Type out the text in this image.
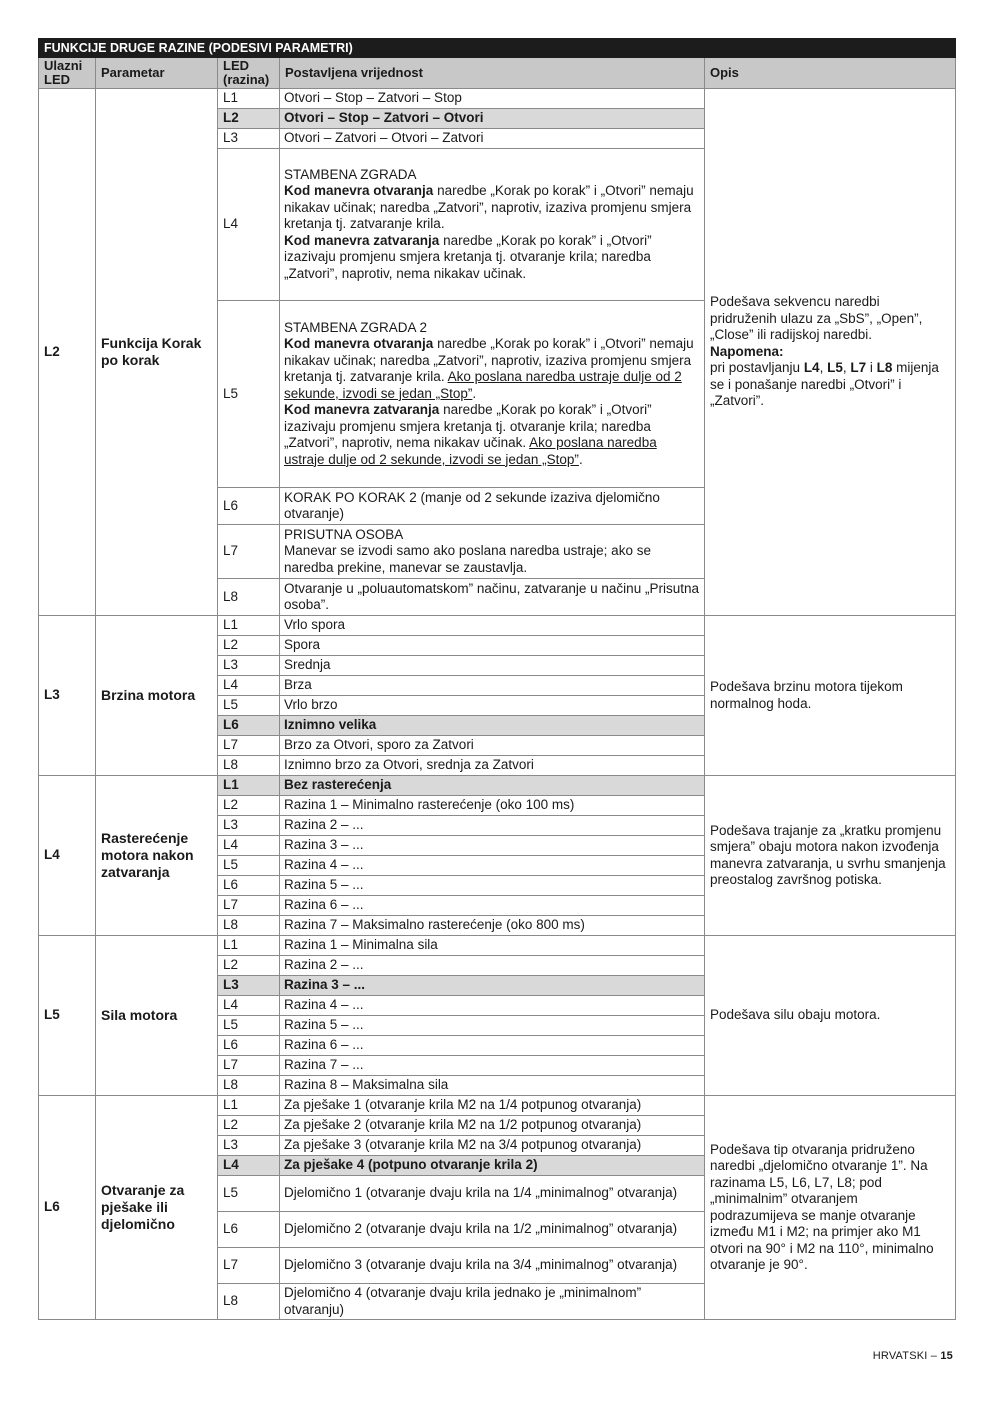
FUNKCIJE DRUGE RAZINE (PODESIVI PARAMETRI)				
Ulazni LED	Parametar	LED (razina)	Postavljena vrijednost	Opis
L2	Funkcija Korak po korak	L1	Otvori – Stop – Zatvori – Stop	Podešava sekvencu naredbi pridruženih ulazu za „SbS”, „Open”, „Close” ili radijskoj naredbi.
Napomena:
pri postavljanju L4, L5, L7 i L8 mijenja se i ponašanje naredbi „Otvori” i „Zatvori”.
		L2	Otvori – Stop – Zatvori – Otvori	
		L3	Otvori – Zatvori – Otvori – Zatvori	
		L4	STAMBENA ZGRADA
Kod manevra otvaranja naredbe „Korak po korak” i „Otvori” nemaju nikakav učinak; naredba „Zatvori”, naprotiv, izaziva promjenu smjera kretanja tj. zatvaranje krila.
Kod manevra zatvaranja naredbe „Korak po korak” i „Otvori” izazivaju promjenu smjera kretanja tj. otvaranje krila; naredba „Zatvori”, naprotiv, nema nikakav učinak.	
		L5	STAMBENA ZGRADA 2
Kod manevra otvaranja naredbe „Korak po korak” i „Otvori” nemaju nikakav učinak; naredba „Zatvori”, naprotiv, izaziva promjenu smjera kretanja tj. zatvaranje krila. Ako poslana naredba ustraje dulje od 2 sekunde, izvodi se jedan „Stop”.
Kod manevra zatvaranja naredbe „Korak po korak” i „Otvori” izazivaju promjenu smjera kretanja tj. otvaranje krila; naredba „Zatvori”, naprotiv, nema nikakav učinak. Ako poslana naredba ustraje dulje od 2 sekunde, izvodi se jedan „Stop”.	
		L6	KORAK PO KORAK 2 (manje od 2 sekunde izaziva djelomično otvaranje)	
		L7	PRISUTNA OSOBA
Manevar se izvodi samo ako poslana naredba ustraje; ako se naredba prekine, manevar se zaustavlja.	
		L8	Otvaranje u „poluautomatskom” načinu, zatvaranje u načinu „Prisutna osoba”.	
L3	Brzina motora	L1	Vrlo spora	Podešava brzinu motora tijekom normalnog hoda.
		L2	Spora	
		L3	Srednja	
		L4	Brza	
		L5	Vrlo brzo	
		L6	Iznimno velika	
		L7	Brzo za Otvori, sporo za Zatvori	
		L8	Iznimno brzo za Otvori, srednja za Zatvori	
L4	Rasterećenje motora nakon zatvaranja	L1	Bez rasterećenja	Podešava trajanje za „kratku promjenu smjera” obaju motora nakon izvođenja manevra zatvaranja, u svrhu smanjenja preostalog završnog potiska.
		L2	Razina 1 – Minimalno rasterećenje (oko 100 ms)	
		L3	Razina 2 – ...	
		L4	Razina 3 – ...	
		L5	Razina 4 – ...	
		L6	Razina 5 – ...	
		L7	Razina 6 – ...	
		L8	Razina 7 – Maksimalno rasterećenje (oko 800 ms)	
L5	Sila motora	L1	Razina 1 – Minimalna sila	Podešava silu obaju motora.
		L2	Razina 2 – ...	
		L3	Razina 3 – ...	
		L4	Razina 4 – ...	
		L5	Razina 5 – ...	
		L6	Razina 6 – ...	
		L7	Razina 7 – ...	
		L8	Razina 8 – Maksimalna sila	
L6	Otvaranje za pješake ili djelomično	L1	Za pješake 1 (otvaranje krila M2 na 1/4 potpunog otvaranja)	Podešava tip otvaranja pridruženo naredbi „djelomično otvaranje 1”. Na razinama L5, L6, L7, L8; pod „minimalnim” otvaranjem podrazumijeva se manje otvaranje između M1 i M2; na primjer ako M1 otvori na 90° i M2 na 110°, minimalno otvaranje je 90°.
		L2	Za pješake 2 (otvaranje krila M2 na 1/2 potpunog otvaranja)	
		L3	Za pješake 3 (otvaranje krila M2 na 3/4 potpunog otvaranja)	
		L4	Za pješake 4 (potpuno otvaranje krila 2)	
		L5	Djelomično 1 (otvaranje dvaju krila na 1/4 „minimalnog” otvaranja)	
		L6	Djelomično 2 (otvaranje dvaju krila na 1/2 „minimalnog” otvaranja)	
		L7	Djelomično 3 (otvaranje dvaju krila na 3/4 „minimalnog” otvaranja)	
		L8	Djelomično 4 (otvaranje dvaju krila jednako je „minimalnom” otvaranju)	
HRVATSKI – 15
